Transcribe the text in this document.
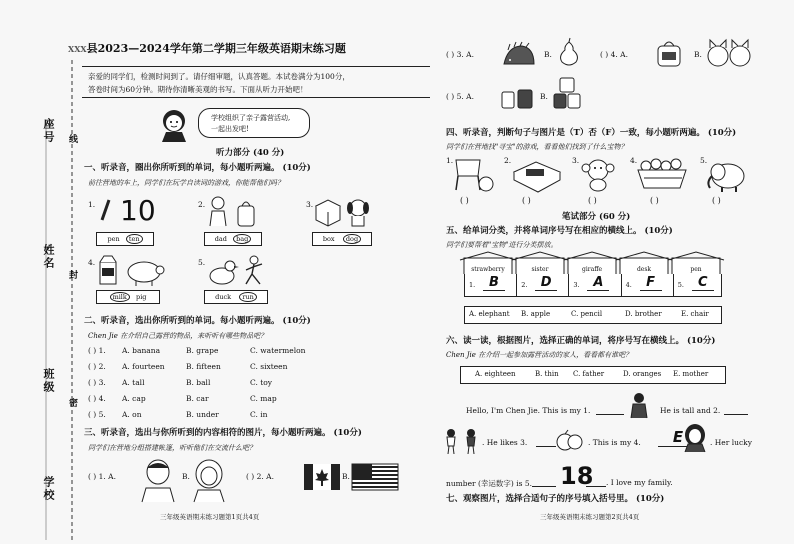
座号 线
姓名
封
班级
密
学校
XXX县2023—2024学年第二学期三年级英语期末练习题
亲爱的同学们，检测时间到了。请仔细审题，认真答题。本试卷满分为100分，
答卷时间为60分钟。期待你清晰美观的书写。下面从听力开始吧！
学校组织了亲子露营活动,
一起出发吧!
听力部分 (40 分)
一、听录音，圈出你所听到的单词，每小题听两遍。 (10分)
前往营地的车上，同学们在玩学自读词的游戏，你能帮他们吗？
1. 10
pen ten
2.
dad bag
3.
box dog
4.
milk pig
5.
duck run
二、听录音，选出你所听到的单词。每小题听两遍。 (10分)
Chen Jie 在介绍自己露营的物品，来听听有哪些物品吧？
( ) 1. A. banana	B. grape	C. watermelon
( ) 2. A. fourteen	B. fifteen	C. sixteen
( ) 3. A. tall	B. ball	C. toy
( ) 4. A. cap	B. car	C. map
( ) 5. A. on	B. under	C. in
三、听录音，选出与你所听到的内容相符的图片，每小题听两遍。 (10分)
同学们在营地分组搭建帐篷，听听他们在交流什么吧？
( ) 1. A.	B.	( ) 2. A.	B.
三年级英语期末练习题第1页共4页
( ) 3. A.	B.	( ) 4. A.	B.
( ) 5. A.	B.
四、听录音，判断句子与图片是（T）否（F）一致，每小题听两遍。 (10分)
同学们在营地找"寻宝"的游戏，看看他们找到了什么宝物？
1.	2.	3.	4.	5.
( )	( )	( )	( )	( )
笔试部分 (60 分)
五、给单词分类，并将单词序号写在相应的横线上。 (10分)
同学们要帮着"宝物"进行分类摆放。
strawberry	sister	giraffe	desk	pen
1.	B	2.	D	3.	A	4.	F	5.	C
A. elephant B. apple	C. pencil	D. brother	E. chair
六、读一读，根据图片，选择正确的单词，将序号写在横线上。 (10分)
Chen Jie 在介绍一起参加露营活动的家人，看看都有谁吧？
A. eighteen	B. thin C. father	D. oranges E. mother
Hello, I'm Chen Jie. This is my 1.	He is tall and 2.
. He likes 3.	. This is my 4.	E	. Her lucky
number (幸运数字) is 5. 18 . I love my family.
七、观察图片，选择合适句子的序号填入括号里。 (10分)
三年级英语期末练习题第2页共4页
